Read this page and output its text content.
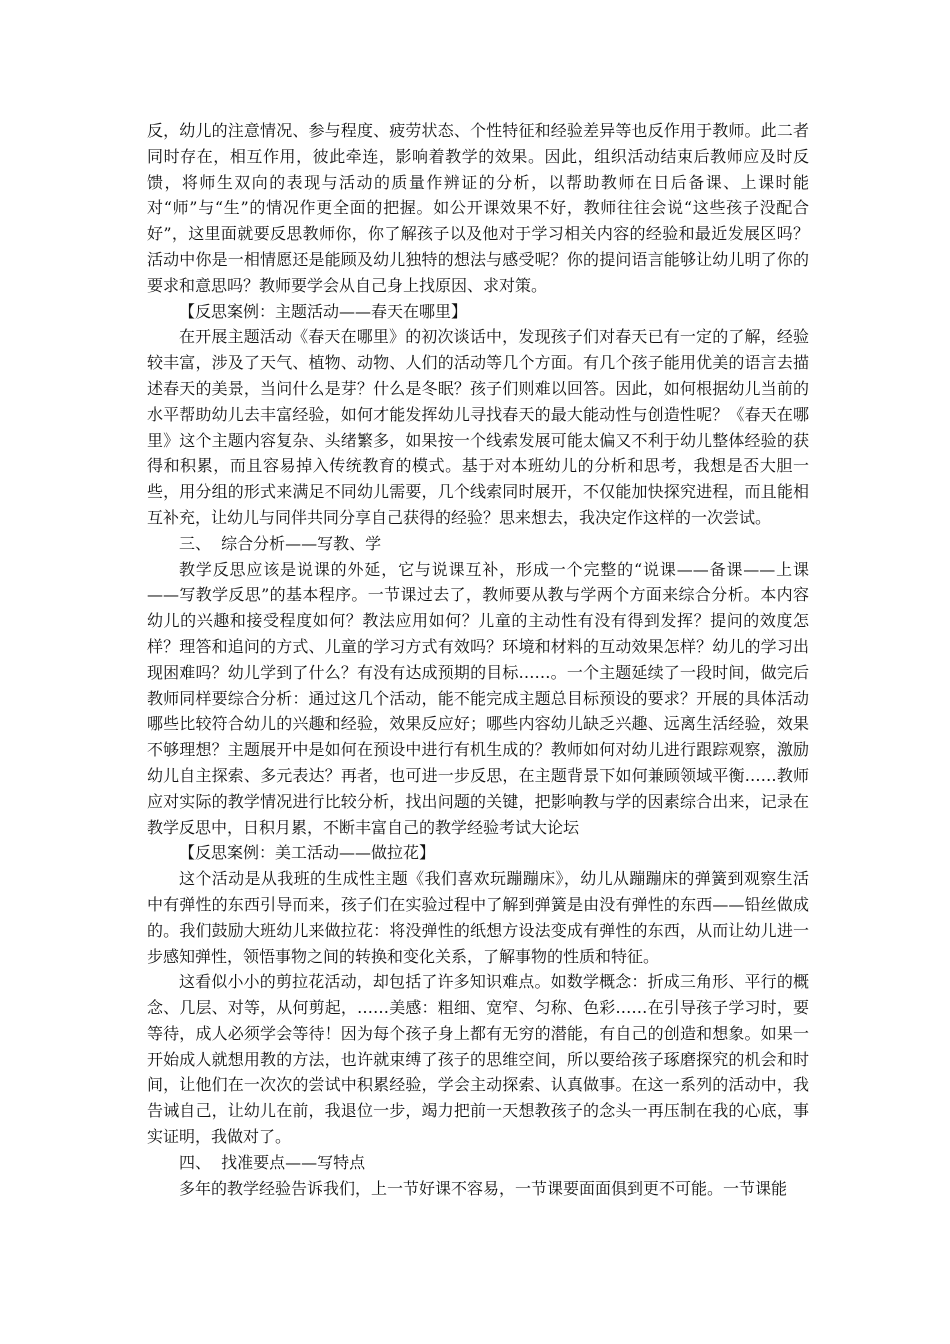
反，幼儿的注意情况、参与程度、疲劳状态、个性特征和经验差异等也反作用于教师。此二者同时存在，相互作用，彼此牵连，影响着教学的效果。因此，组织活动结束后教师应及时反馈，将师生双向的表现与活动的质量作辨证的分析，以帮助教师在日后备课、上课时能对“师”与“生”的情况作更全面的把握。如公开课效果不好，教师往往会说“这些孩子没配合好”，这里面就要反思教师你，你了解孩子以及他对于学习相关内容的经验和最近发展区吗？活动中你是一相情愿还是能顾及幼儿独特的想法与感受呢？你的提问语言能够让幼儿明了你的要求和意思吗？教师要学会从自己身上找原因、求对策。

【反思案例：主题活动——春天在哪里】

在开展主题活动《春天在哪里》的初次谈话中，发现孩子们对春天已有一定的了解，经验较丰富，涉及了天气、植物、动物、人们的活动等几个方面。有几个孩子能用优美的语言去描述春天的美景，当问什么是芽？什么是冬眠？孩子们则难以回答。因此，如何根据幼儿当前的水平帮助幼儿去丰富经验，如何才能发挥幼儿寻找春天的最大能动性与创造性呢？《春天在哪里》这个主题内容复杂、头绪繁多，如果按一个线索发展可能太偏又不利于幼儿整体经验的获得和积累，而且容易掉入传统教育的模式。基于对本班幼儿的分析和思考，我想是否大胆一些，用分组的形式来满足不同幼儿需要，几个线索同时展开，不仅能加快探究进程，而且能相互补充，让幼儿与同伴共同分享自己获得的经验？思来想去，我决定作这样的一次尝试。

三、  综合分析——写教、学

教学反思应该是说课的外延，它与说课互补，形成一个完整的“说课——备课——上课——写教学反思”的基本程序。一节课过去了，教师要从教与学两个方面来综合分析。本内容幼儿的兴趣和接受程度如何？教法应用如何？儿童的主动性有没有得到发挥？提问的效度怎样？理答和追问的方式、儿童的学习方式有效吗？环境和材料的互动效果怎样？幼儿的学习出现困难吗？幼儿学到了什么？有没有达成预期的目标……。一个主题延续了一段时间，做完后教师同样要综合分析：通过这几个活动，能不能完成主题总目标预设的要求？开展的具体活动哪些比较符合幼儿的兴趣和经验，效果反应好；哪些内容幼儿缺乏兴趣、远离生活经验，效果不够理想？主题展开中是如何在预设中进行有机生成的？教师如何对幼儿进行跟踪观察，激励幼儿自主探索、多元表达？再者，也可进一步反思，在主题背景下如何兼顾领域平衡……教师应对实际的教学情况进行比较分析，找出问题的关键，把影响教与学的因素综合出来，记录在教学反思中，日积月累，不断丰富自己的教学经验考试大论坛

【反思案例：美工活动——做拉花】

这个活动是从我班的生成性主题《我们喜欢玩蹦蹦床》，幼儿从蹦蹦床的弹簧到观察生活中有弹性的东西引导而来，孩子们在实验过程中了解到弹簧是由没有弹性的东西——铅丝做成的。我们鼓励大班幼儿来做拉花：将没弹性的纸想方设法变成有弹性的东西，从而让幼儿进一步感知弹性，领悟事物之间的转换和变化关系，了解事物的性质和特征。

这看似小小的剪拉花活动，却包括了许多知识难点。如数学概念：折成三角形、平行的概念、几层、对等，从何剪起，……美感：粗细、宽窄、匀称、色彩……在引导孩子学习时，要等待，成人必须学会等待！因为每个孩子身上都有无穷的潜能，有自己的创造和想象。如果一开始成人就想用教的方法，也许就束缚了孩子的思维空间，所以要给孩子琢磨探究的机会和时间，让他们在一次次的尝试中积累经验，学会主动探索、认真做事。在这一系列的活动中，我告诫自己，让幼儿在前，我退位一步，竭力把前一天想教孩子的念头一再压制在我的心底，事实证明，我做对了。

四、  找准要点——写特点

多年的教学经验告诉我们，上一节好课不容易，一节课要面面俱到更不可能。一节课能
